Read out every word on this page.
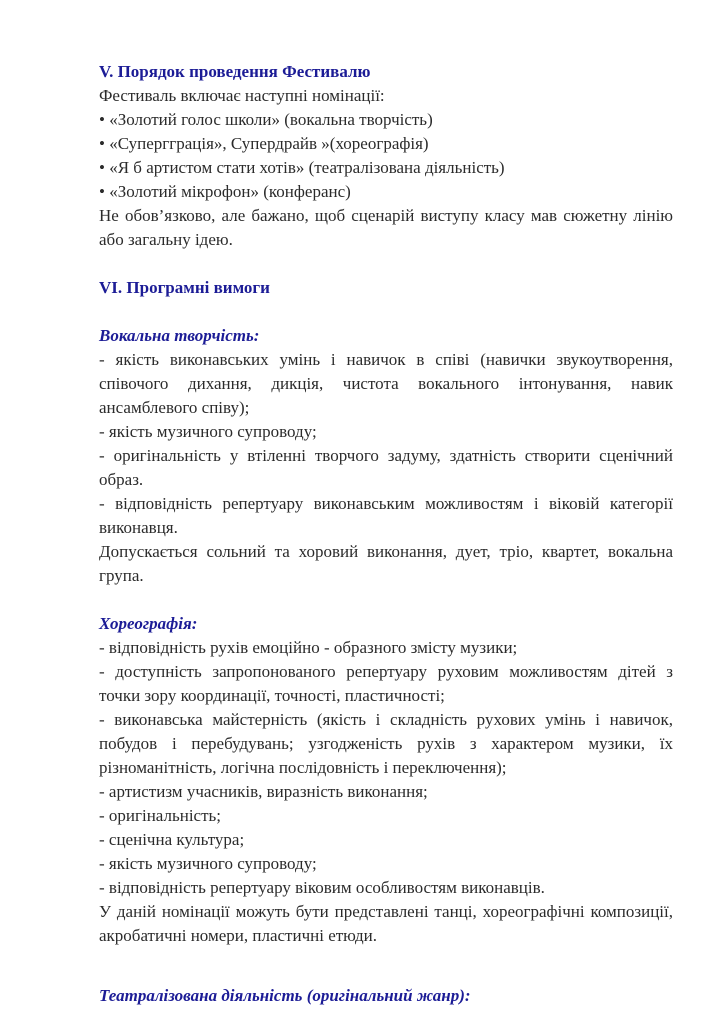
V. Порядок проведення Фестивалю
Фестиваль включає наступні номінації:
• «Золотий голос школи» (вокальна творчість)
• «Супергграція», Супердрайв »(хореографія)
• «Я б артистом стати хотів» (театралізована діяльність)
• «Золотий мікрофон» (конферанс)
Не обов’язково, але бажано, щоб сценарій виступу класу мав сюжетну лінію або загальну ідею.
VI. Програмні вимоги
Вокальна творчість:
- якість виконавських умінь і навичок в співі (навички звукоутворення, співочого дихання, дикція, чистота вокального інтонування, навик ансамблевого співу);
- якість музичного супроводу;
- оригінальність у втіленні творчого задуму, здатність створити сценічний образ.
- відповідність репертуару виконавським можливостям і віковій категорії виконавця.
Допускається сольний та хоровий виконання, дует, тріо, квартет, вокальна група.
Хореографія:
- відповідність рухів емоційно - образного змісту музики;
- доступність запропонованого репертуару руховим можливостям дітей з точки зору координації, точності, пластичності;
- виконавська майстерність (якість і складність рухових умінь і навичок, побудов і перебудувань; узгодженість рухів з характером музики, їх різноманітність, логічна послідовність і переключення);
- артистизм учасників, виразність виконання;
- оригінальність;
- сценічна культура;
- якість музичного супроводу;
- відповідність репертуару віковим особливостям виконавців.
У даній номінації можуть бути представлені танці, хореографічні композиції, акробатичні номери, пластичні етюди.
Театралізована діяльність (оригінальний жанр):
